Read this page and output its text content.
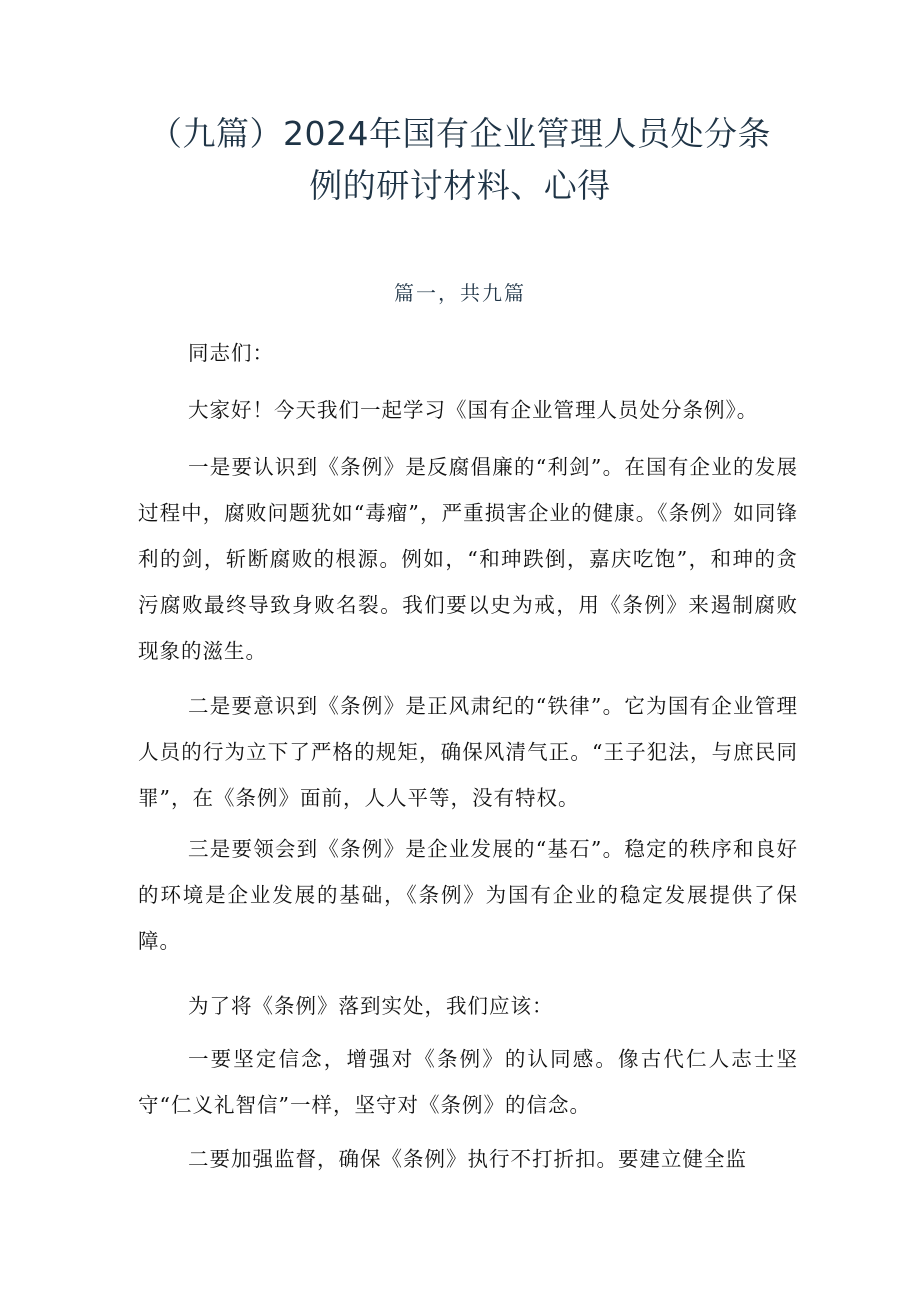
（九篇）2024年国有企业管理人员处分条
例的研讨材料、心得
篇一，共九篇

同志们：

大家好！今天我们一起学习《国有企业管理人员处分条例》。

一是要认识到《条例》是反腐倡廉的“利剑”。在国有企业的发展过程中，腐败问题犹如“毒瘤”，严重损害企业的健康。《条例》如同锋利的剑，斩断腐败的根源。例如，“和珅跌倒，嘉庆吃饱”，和珅的贪污腐败最终导致身败名裂。我们要以史为戒，用《条例》来遏制腐败现象的滋生。

二是要意识到《条例》是正风肃纪的“铁律”。它为国有企业管理人员的行为立下了严格的规矩，确保风清气正。“王子犯法，与庶民同罪”，在《条例》面前，人人平等，没有特权。

三是要领会到《条例》是企业发展的“基石”。稳定的秩序和良好的环境是企业发展的基础，《条例》为国有企业的稳定发展提供了保障。

为了将《条例》落到实处，我们应该：

一要坚定信念，增强对《条例》的认同感。像古代仁人志士坚守“仁义礼智信”一样，坚守对《条例》的信念。

二要加强监督，确保《条例》执行不打折扣。要建立健全监
